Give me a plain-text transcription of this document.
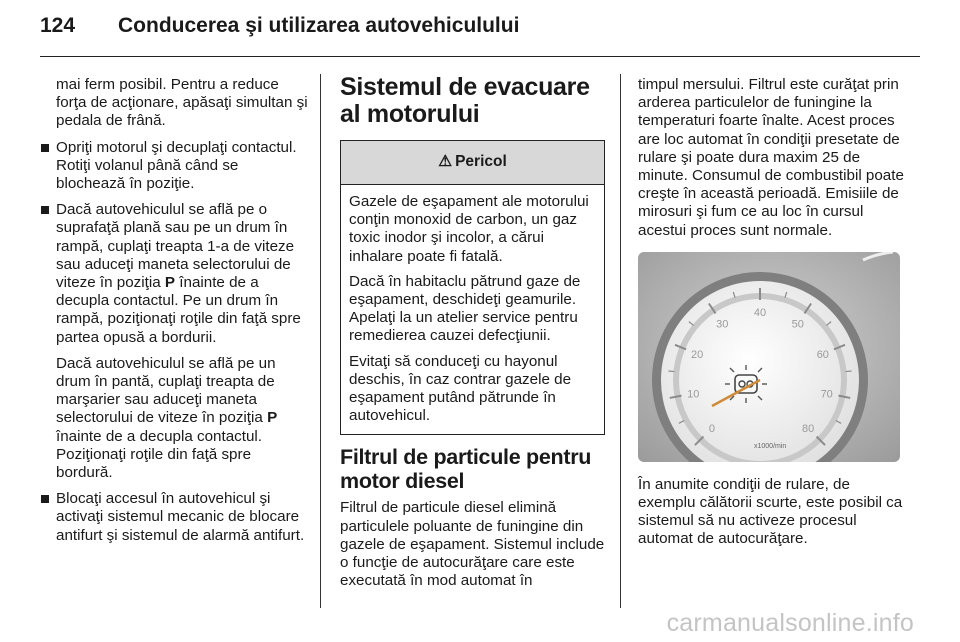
124	Conducerea şi utilizarea autovehiculului

mai ferm posibil. Pentru a reduce forţa de acţionare, apăsaţi simultan şi pedala de frână.

Opriţi motorul şi decuplaţi contactul. Rotiţi volanul până când se blochează în poziţie.
Dacă autovehiculul se află pe o suprafaţă plană sau pe un drum în rampă, cuplaţi treapta 1-a de viteze sau aduceţi maneta selectorului de viteze în poziţia P înainte de a decupla contactul. Pe un drum în rampă, poziţionaţi roţile din faţă spre partea opusă a bordurii.

Dacă autovehiculul se află pe un drum în pantă, cuplaţi treapta de marşarier sau aduceţi maneta selectorului de viteze în poziţia P înainte de a decupla contactul. Poziţionaţi roţile din faţă spre bordură.

Blocaţi accesul în autovehicul şi activaţi sistemul mecanic de blocare antifurt şi sistemul de alarmă antifurt.
Sistemul de evacuare al motorului
⚠ Pericol

Gazele de eşapament ale motorului conţin monoxid de carbon, un gaz toxic inodor şi incolor, a cărui inhalare poate fi fatală.

Dacă în habitaclu pătrund gaze de eşapament, deschideţi geamurile. Apelaţi la un atelier service pentru remedierea cauzei defecţiunii.

Evitaţi să conduceţi cu hayonul deschis, în caz contrar gazele de eşapament putând pătrunde în autovehicul.

Filtrul de particule pentru motor diesel

Filtrul de particule diesel elimină particulele poluante de funingine din gazele de eşapament. Sistemul include o funcţie de autocurăţare care este executată în mod automat în

timpul mersului. Filtrul este curăţat prin arderea particulelor de funingine la temperaturi foarte înalte. Acest proces are loc automat în condiţii presetate de rulare şi poate dura maxim 25 de minute. Consumul de combustibil poate creşte în această perioadă. Emisiile de mirosuri şi fum ce au loc în cursul acestui proces sunt normale.

0
10
20
30
40
50
60
70
80
x1000/min

În anumite condiţii de rulare, de exemplu călătorii scurte, este posibil ca sistemul să nu activeze procesul automat de autocurăţare.

carmanualsonline.info
